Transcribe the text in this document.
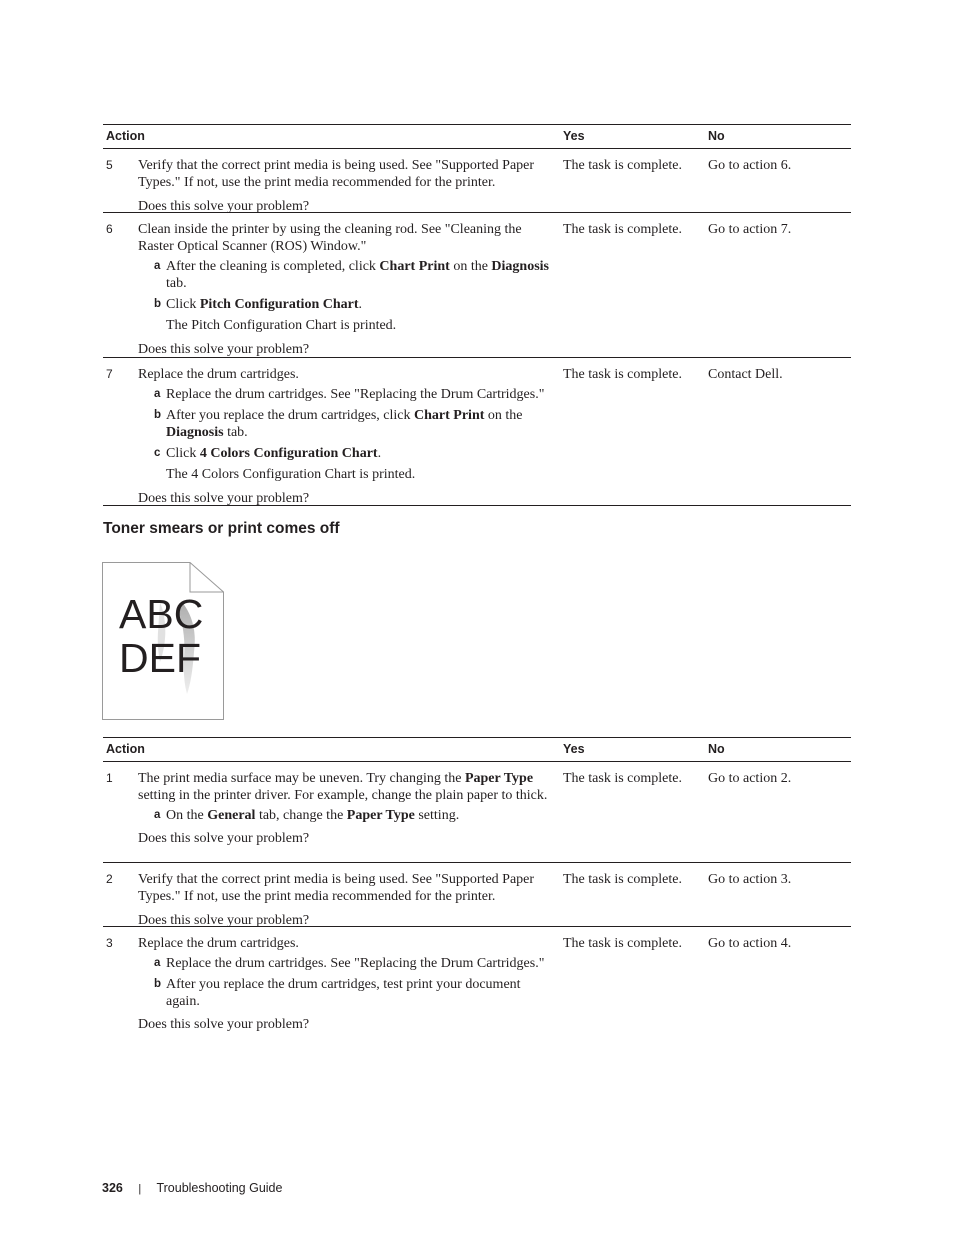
Action	Yes	No
5 Verify that the correct print media is being used. See "Supported Paper Types." If not, use the print media recommended for the printer.

Does this solve your problem?

The task is complete.	Go to action 6.
6 Clean inside the printer by using the cleaning rod. See "Cleaning the Raster Optical Scanner (ROS) Window."

a After the cleaning is completed, click Chart Print on the Diagnosis tab.
b Click Pitch Configuration Chart.

The Pitch Configuration Chart is printed.

Does this solve your problem?

The task is complete.	Go to action 7.
7 Replace the drum cartridges.

a Replace the drum cartridges. See "Replacing the Drum Cartridges."
b After you replace the drum cartridges, click Chart Print on the Diagnosis tab.
c Click 4 Colors Configuration Chart.

The 4 Colors Configuration Chart is printed.

Does this solve your problem?

The task is complete.	Contact Dell.
Toner smears or print comes off
ABC
DEF
Action	Yes	No
1 The print media surface may be uneven. Try changing the Paper Type setting in the printer driver. For example, change the plain paper to thick.

a On the General tab, change the Paper Type setting.

Does this solve your problem?

The task is complete.	Go to action 2.
2 Verify that the correct print media is being used. See "Supported Paper Types." If not, use the print media recommended for the printer.

Does this solve your problem?

The task is complete.	Go to action 3.
3 Replace the drum cartridges.

a Replace the drum cartridges. See "Replacing the Drum Cartridges."
b After you replace the drum cartridges, test print your document again.

Does this solve your problem?

The task is complete.	Go to action 4.
326 | Troubleshooting Guide
